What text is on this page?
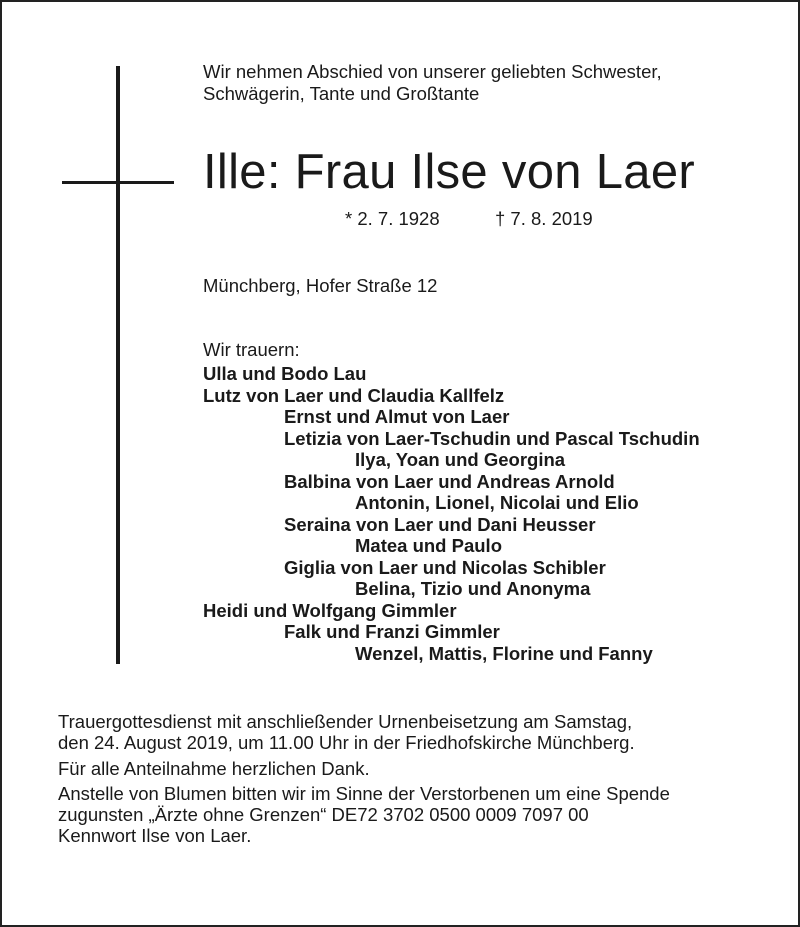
Wir nehmen Abschied von unserer geliebten Schwester,
Schwägerin, Tante und Großtante
Ille: Frau Ilse von Laer
* 2. 7. 1928	† 7. 8. 2019
Münchberg, Hofer Straße 12
Wir trauern:
Ulla und Bodo Lau
Lutz von Laer und Claudia Kallfelz
Ernst und Almut von Laer
Letizia von Laer-Tschudin und Pascal Tschudin
Ilya, Yoan und Georgina
Balbina von Laer und Andreas Arnold
Antonin, Lionel, Nicolai und Elio
Seraina von Laer und Dani Heusser
Matea und Paulo
Giglia von Laer und Nicolas Schibler
Belina, Tizio und Anonyma
Heidi und Wolfgang Gimmler
Falk und Franzi Gimmler
Wenzel, Mattis, Florine und Fanny

Trauergottesdienst mit anschließender Urnenbeisetzung am Samstag,

den 24. August 2019, um 11.00 Uhr in der Friedhofskirche Münchberg.

Für alle Anteilnahme herzlichen Dank.

Anstelle von Blumen bitten wir im Sinne der Verstorbenen um eine Spende

zugunsten „Ärzte ohne Grenzen“ DE72 3702 0500 0009 7097 00

Kennwort Ilse von Laer.
